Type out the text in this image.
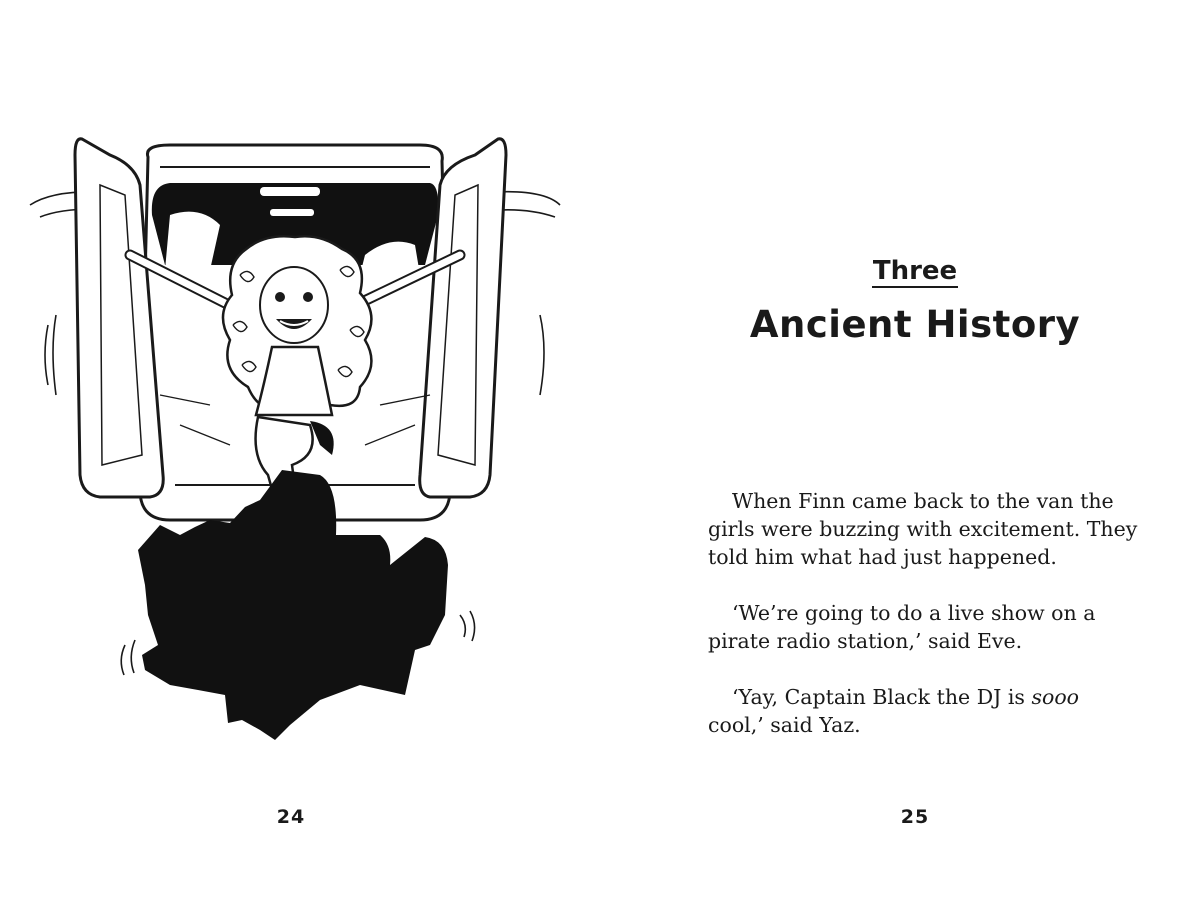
24
Three
Ancient History

When Finn came back to the van the girls were buzzing with excitement. They told him what had just happened.

‘We’re going to do a live show on a pirate radio station,’ said Eve.

‘Yay, Captain Black the DJ is sooo cool,’ said Yaz.

25
